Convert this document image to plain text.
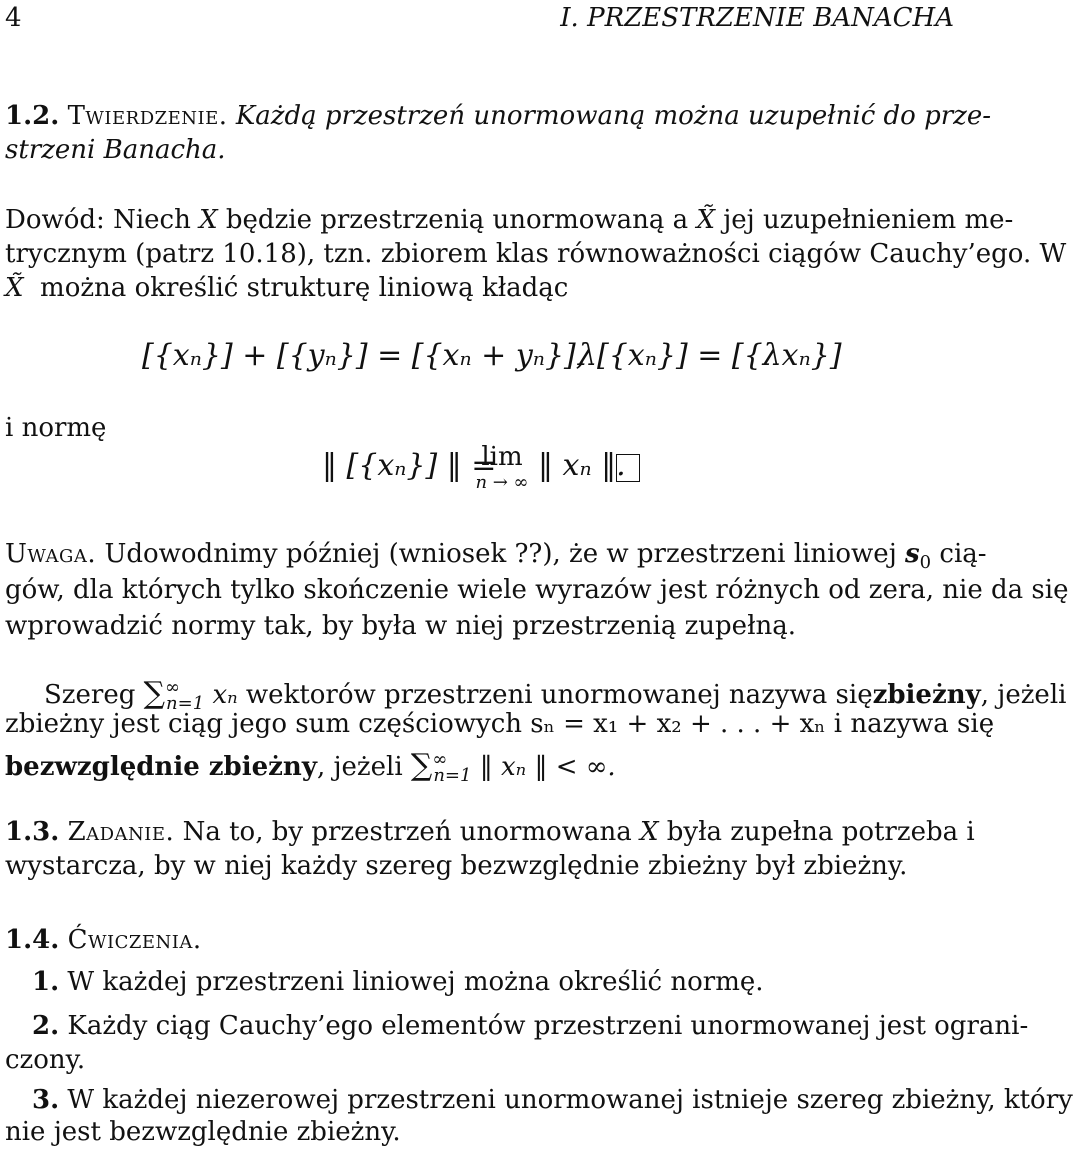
4	I. PRZESTRZENIE BANACHA
1.2. Twierdzenie. Każdą przestrzeń unormowaną można uzupełnić do prze-
strzeni Banacha.
Dowód: Niech X będzie przestrzenią unormowaną a X̃ jej uzupełnieniem me-
trycznym (patrz 10.18), tzn. zbiorem klas równoważności ciągów Cauchy’ego. W
X̃ można określić strukturę liniową kładąc
[{xₙ}] + [{yₙ}] = [{xₙ + yₙ}],
λ[{xₙ}] = [{λxₙ}]
i normę
‖ [{xₙ}] ‖ =
lim
n → ∞ ‖ xₙ ‖.
Uwaga. Udowodnimy później (wniosek ??), że w przestrzeni liniowej $s_0$ cią-
gów, dla których tylko skończenie wiele wyrazów jest różnych od zera, nie da się
wprowadzić normy tak, by była w niej przestrzenią zupełną.
Szereg $\sum^\infty_{n=1}$ xₙ wektorów przestrzeni unormowanej nazywa sięzbieżny, jeżeli
zbieżny jest ciąg jego sum częściowych sₙ = x₁ + x₂ + . . . + xₙ i nazywa się
bezwzględnie zbieżny, jeżeli $\sum^\infty_{n=1}$ ‖ xₙ ‖ < ∞.
1.3. Zadanie. Na to, by przestrzeń unormowana X była zupełna potrzeba i
wystarcza, by w niej każdy szereg bezwzględnie zbieżny był zbieżny.
1.4. Ćwiczenia.
1. W każdej przestrzeni liniowej można określić normę.
2. Każdy ciąg Cauchy’ego elementów przestrzeni unormowanej jest ograni-
czony.
3. W każdej niezerowej przestrzeni unormowanej istnieje szereg zbieżny, który
nie jest bezwzględnie zbieżny.
